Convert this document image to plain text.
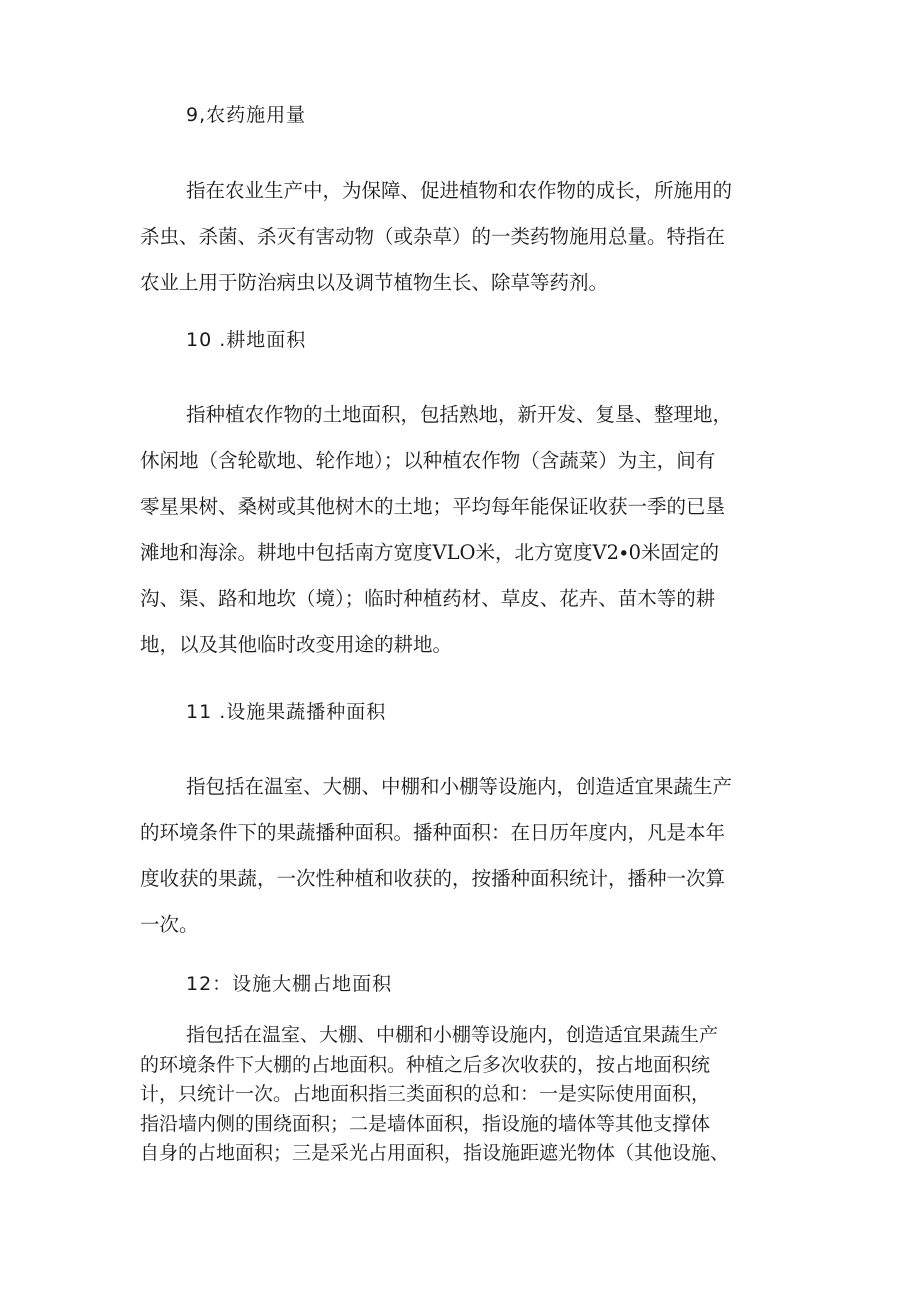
9,农药施用量
指在农业生产中，为保障、促进植物和农作物的成长，所施用的
杀虫、杀菌、杀灭有害动物（或杂草）的一类药物施用总量。特指在
农业上用于防治病虫以及调节植物生长、除草等药剂。
10 .耕地面积
指种植农作物的土地面积，包括熟地，新开发、复垦、整理地，
休闲地（含轮歇地、轮作地）；以种植农作物（含蔬菜）为主，间有
零星果树、桑树或其他树木的土地；平均每年能保证收获一季的已垦
滩地和海涂。耕地中包括南方宽度VLO米，北方宽度V2∙0米固定的
沟、渠、路和地坎（境）；临时种植药材、草皮、花卉、苗木等的耕
地，以及其他临时改变用途的耕地。
11 .设施果蔬播种面积
指包括在温室、大棚、中棚和小棚等设施内，创造适宜果蔬生产
的环境条件下的果蔬播种面积。播种面积：在日历年度内，凡是本年
度收获的果蔬，一次性种植和收获的，按播种面积统计，播种一次算
一次。
12：设施大棚占地面积
指包括在温室、大棚、中棚和小棚等设施内，创造适宜果蔬生产
的环境条件下大棚的占地面积。种植之后多次收获的，按占地面积统
计，只统计一次。占地面积指三类面积的总和：一是实际使用面积，
指沿墙内侧的围绕面积；二是墙体面积，指设施的墙体等其他支撑体
自身的占地面积；三是采光占用面积，指设施距遮光物体（其他设施、
